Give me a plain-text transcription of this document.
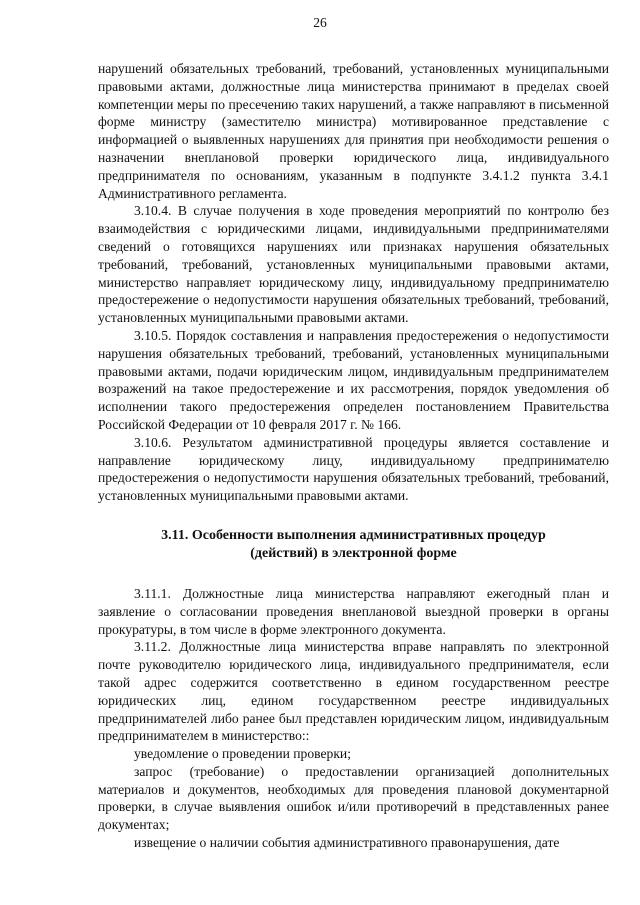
26

нарушений обязательных требований, требований, установленных муниципальными правовыми актами, должностные лица министерства принимают в пределах своей компетенции меры по пресечению таких нарушений, а также направляют в письменной форме министру (заместителю министра) мотивированное представление с информацией о выявленных нарушениях для принятия при необходимости решения о назначении внеплановой проверки юридического лица, индивидуального предпринимателя по основаниям, указанным в подпункте 3.4.1.2 пункта 3.4.1 Административного регламента.

3.10.4. В случае получения в ходе проведения мероприятий по контролю без взаимодействия с юридическими лицами, индивидуальными предпринимателями сведений о готовящихся нарушениях или признаках нарушения обязательных требований, требований, установленных муниципальными правовыми актами, министерство направляет юридическому лицу, индивидуальному предпринимателю предостережение о недопустимости нарушения обязательных требований, требований, установленных муниципальными правовыми актами.

3.10.5. Порядок составления и направления предостережения о недопустимости нарушения обязательных требований, требований, установленных муниципальными правовыми актами, подачи юридическим лицом, индивидуальным предпринимателем возражений на такое предостережение и их рассмотрения, порядок уведомления об исполнении такого предостережения определен постановлением Правительства Российской Федерации от 10 февраля 2017 г. № 166.

3.10.6. Результатом административной процедуры является составление и направление юридическому лицу, индивидуальному предпринимателю предостережения о недопустимости нарушения обязательных требований, требований, установленных муниципальными правовыми актами.

3.11. Особенности выполнения административных процедур
(действий) в электронной форме

3.11.1. Должностные лица министерства направляют ежегодный план и заявление о согласовании проведения внеплановой выездной проверки в органы прокуратуры, в том числе в форме электронного документа.

3.11.2. Должностные лица министерства вправе направлять по электронной почте руководителю юридического лица, индивидуального предпринимателя, если такой адрес содержится соответственно в едином государственном реестре юридических лиц, едином государственном реестре индивидуальных предпринимателей либо ранее был представлен юридическим лицом, индивидуальным предпринимателем в министерство::

уведомление о проведении проверки;

запрос (требование) о предоставлении организацией дополнительных материалов и документов, необходимых для проведения плановой документарной проверки, в случае выявления ошибок и/или противоречий в представленных ранее документах;

извещение о наличии события административного правонарушения, дате
